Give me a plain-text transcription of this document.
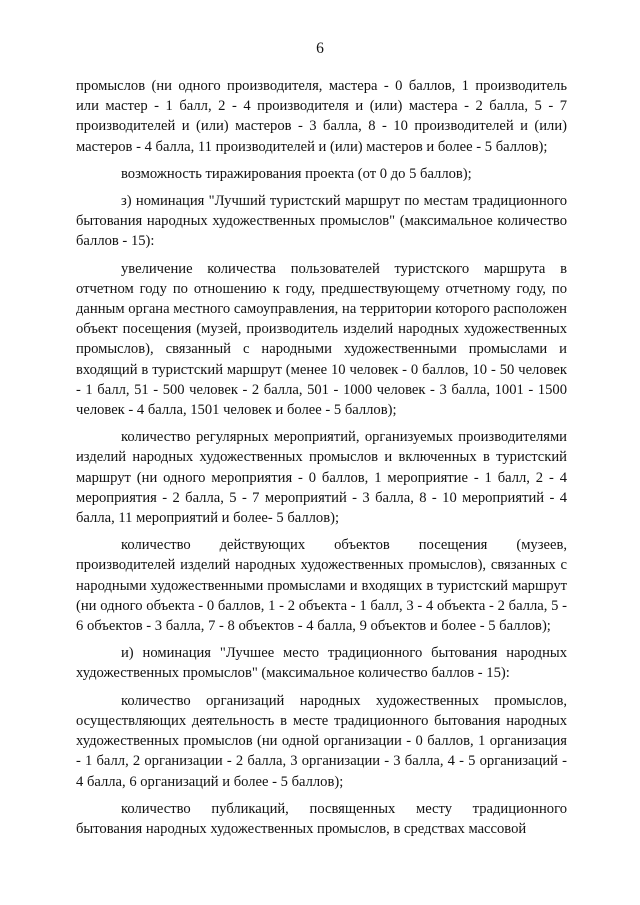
6

промыслов (ни одного производителя, мастера - 0 баллов, 1 производитель или мастер - 1 балл, 2 - 4 производителя и (или) мастера - 2 балла, 5 - 7 производителей и (или) мастеров - 3 балла, 8 - 10 производителей и (или) мастеров - 4 балла, 11 производителей и (или) мастеров и более - 5 баллов);

возможность тиражирования проекта (от 0 до 5 баллов);

з) номинация "Лучший туристский маршрут по местам традиционного бытования народных художественных промыслов" (максимальное количество баллов - 15):

увеличение количества пользователей туристского маршрута в отчетном году по отношению к году, предшествующему отчетному году, по данным органа местного самоуправления, на территории которого расположен объект посещения (музей, производитель изделий народных художественных промыслов), связанный с народными художественными промыслами и входящий в туристский маршрут (менее 10 человек - 0 баллов, 10 - 50 человек - 1 балл, 51 - 500 человек - 2 балла, 501 - 1000 человек - 3 балла, 1001 - 1500 человек - 4 балла, 1501 человек и более - 5 баллов);

количество регулярных мероприятий, организуемых производителями изделий народных художественных промыслов и включенных в туристский маршрут (ни одного мероприятия - 0 баллов, 1 мероприятие - 1 балл, 2 - 4 мероприятия - 2 балла, 5 - 7 мероприятий - 3 балла, 8 - 10 мероприятий - 4 балла, 11 мероприятий и более- 5 баллов);

количество действующих объектов посещения (музеев, производителей изделий народных художественных промыслов), связанных с народными художественными промыслами и входящих в туристский маршрут (ни одного объекта - 0 баллов, 1 - 2 объекта - 1 балл, 3 - 4 объекта - 2 балла, 5 - 6 объектов - 3 балла, 7 - 8 объектов - 4 балла, 9 объектов и более - 5 баллов);

и) номинация "Лучшее место традиционного бытования народных художественных промыслов" (максимальное количество баллов - 15):

количество организаций народных художественных промыслов, осуществляющих деятельность в месте традиционного бытования народных художественных промыслов (ни одной организации - 0 баллов, 1 организация - 1 балл, 2 организации - 2 балла, 3 организации - 3 балла, 4 - 5 организаций - 4 балла, 6 организаций и более - 5 баллов);

количество публикаций, посвященных месту традиционного бытования народных художественных промыслов, в средствах массовой
